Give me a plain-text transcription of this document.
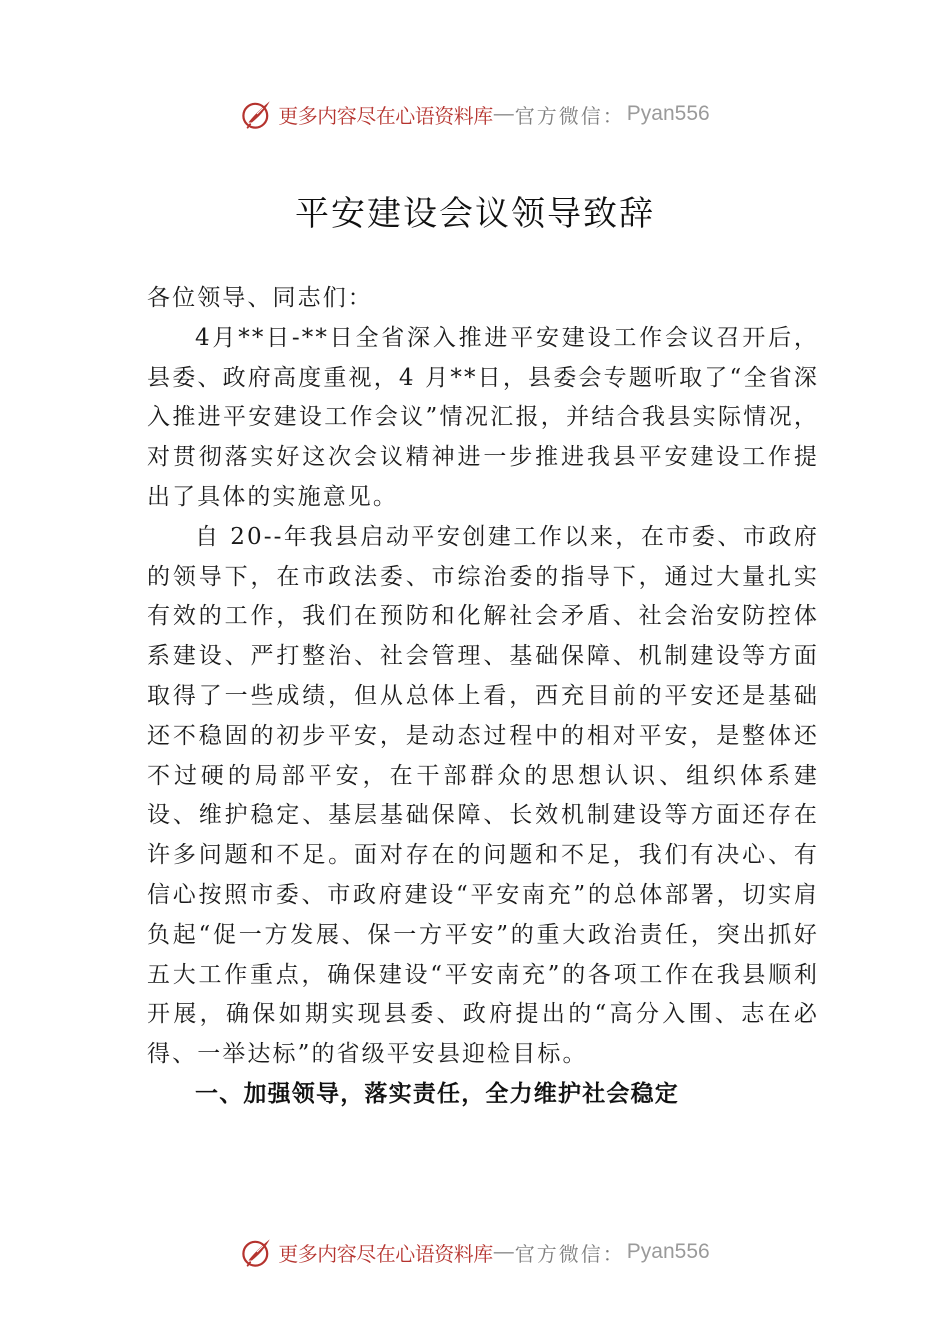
更多内容尽在心语资料库 — 官方微信： Pyan556
平安建设会议领导致辞

各位领导、同志们：

4月**日-**日全省深入推进平安建设工作会议召开后，县委、政府高度重视，4 月**日，县委会专题听取了“全省深入推进平安建设工作会议”情况汇报，并结合我县实际情况，对贯彻落实好这次会议精神进一步推进我县平安建设工作提出了具体的实施意见。

自 20--年我县启动平安创建工作以来，在市委、市政府的领导下，在市政法委、市综治委的指导下，通过大量扎实有效的工作，我们在预防和化解社会矛盾、社会治安防控体系建设、严打整治、社会管理、基础保障、机制建设等方面取得了一些成绩，但从总体上看，西充目前的平安还是基础还不稳固的初步平安，是动态过程中的相对平安，是整体还不过硬的局部平安，在干部群众的思想认识、组织体系建设、维护稳定、基层基础保障、长效机制建设等方面还存在许多问题和不足。面对存在的问题和不足，我们有决心、有信心按照市委、市政府建设“平安南充”的总体部署，切实肩负起“促一方发展、保一方平安”的重大政治责任，突出抓好五大工作重点，确保建设“平安南充”的各项工作在我县顺利开展，确保如期实现县委、政府提出的“高分入围、志在必得、一举达标”的省级平安县迎检目标。

一、加强领导，落实责任，全力维护社会稳定
更多内容尽在心语资料库 — 官方微信： Pyan556
